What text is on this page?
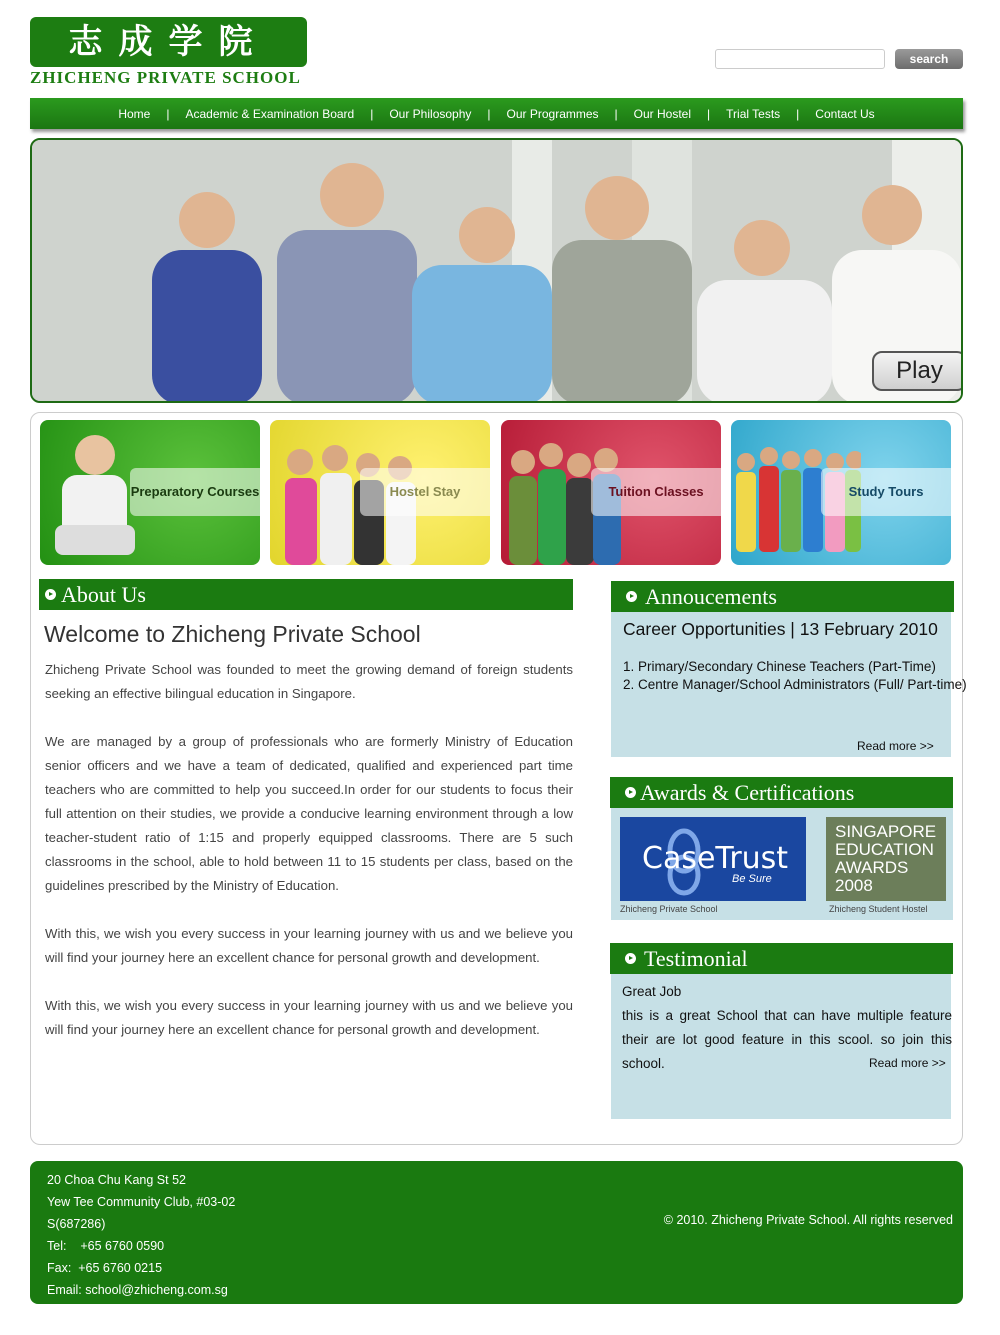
志成学院
ZHICHENG PRIVATE SCHOOL
search
Home	|	Academic & Examination Board	|	Our Philosophy	|	Our Programmes	|	Our Hostel	|	Trial Tests	|	Contact Us
Play
Preparatory Courses	Hostel Stay	Tuition Classes	Study Tours
About Us
Welcome to Zhicheng Private School

Zhicheng Private School was founded to meet the growing demand of foreign students seeking an effective bilingual education in Singapore.

We are managed by a group of professionals who are formerly Ministry of Education senior officers and we have a team of dedicated, qualified and experienced part time teachers who are committed to help you succeed.In order for our students to focus their full attention on their studies, we provide a conducive learning environment through a low teacher-student ratio of 1:15 and properly equipped classrooms. There are 5 such classrooms in the school, able to hold between 11 to 15 students per class, based on the guidelines prescribed by the Ministry of Education.

With this, we wish you every success in your learning journey with us and we believe you will find your journey here an excellent chance for personal growth and development.

With this, we wish you every success in your learning journey with us and we believe you will find your journey here an excellent chance for personal growth and development.

Annoucements
Career Opportunities | 13 February 2010
1. Primary/Secondary Chinese Teachers (Part-Time)
2. Centre Manager/School Administrators (Full/ Part-time)
Read more >>
Awards & Certifications
CaseTrust
Be Sure
Zhicheng Private School
SINGAPORE EDUCATION AWARDS 2008
Zhicheng Student Hostel
Testimonial
Great Job
this is a great School that can have multiple feature their are lot good feature in this scool. so join this school.	Read more >>
20 Choa Chu Kang St 52
Yew Tee Community Club, #03-02
S(687286)
Tel:    +65 6760 0590
Fax:  +65 6760 0215
Email: school@zhicheng.com.sg
© 2010. Zhicheng Private School. All rights reserved
